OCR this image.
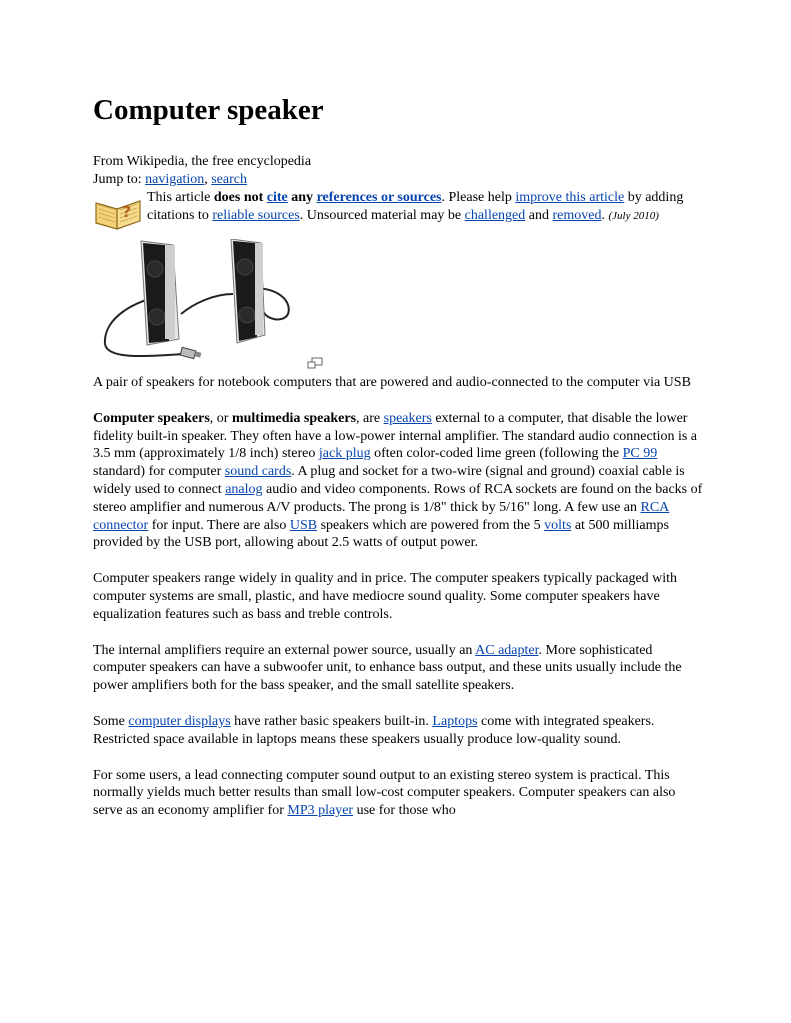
Computer speaker
From Wikipedia, the free encyclopedia
Jump to: navigation, search
?
This article does not cite any references or sources. Please help improve this article by adding citations to reliable sources. Unsourced material may be challenged and removed. (July 2010)

A pair of speakers for notebook computers that are powered and audio-connected to the computer via USB

Computer speakers, or multimedia speakers, are speakers external to a computer, that disable the lower fidelity built-in speaker. They often have a low-power internal amplifier. The standard audio connection is a 3.5 mm (approximately 1/8 inch) stereo jack plug often color-coded lime green (following the PC 99 standard) for computer sound cards. A plug and socket for a two-wire (signal and ground) coaxial cable is widely used to connect analog audio and video components. Rows of RCA sockets are found on the backs of stereo amplifier and numerous A/V products. The prong is 1/8" thick by 5/16" long. A few use an RCA connector for input. There are also USB speakers which are powered from the 5 volts at 500 milliamps provided by the USB port, allowing about 2.5 watts of output power.

Computer speakers range widely in quality and in price. The computer speakers typically packaged with computer systems are small, plastic, and have mediocre sound quality. Some computer speakers have equalization features such as bass and treble controls.

The internal amplifiers require an external power source, usually an AC adapter. More sophisticated computer speakers can have a subwoofer unit, to enhance bass output, and these units usually include the power amplifiers both for the bass speaker, and the small satellite speakers.

Some computer displays have rather basic speakers built-in. Laptops come with integrated speakers. Restricted space available in laptops means these speakers usually produce low-quality sound.

For some users, a lead connecting computer sound output to an existing stereo system is practical. This normally yields much better results than small low-cost computer speakers. Computer speakers can also serve as an economy amplifier for MP3 player use for those who
